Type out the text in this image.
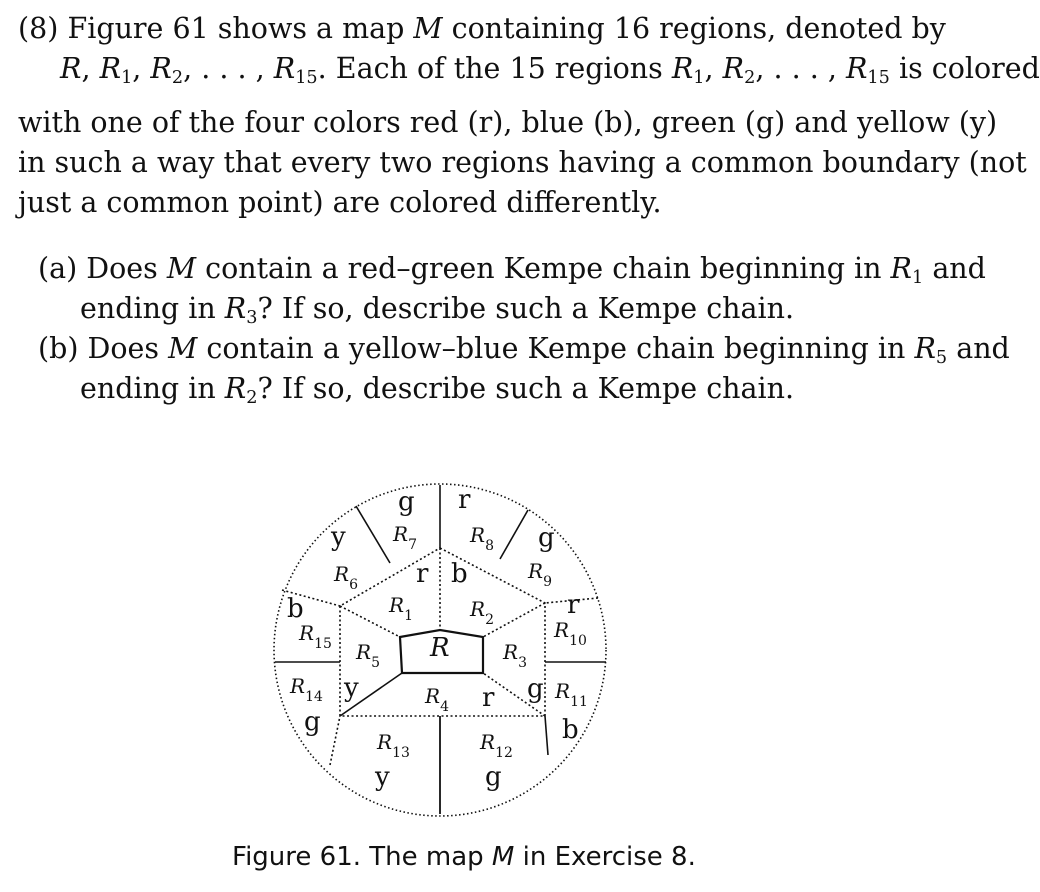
(8) Figure 61 shows a map M containing 16 regions, denoted by
R, $R_1$, $R_2$, . . . , $R_{15}$. Each of the 15 regions $R_1$, $R_2$, . . . , $R_{15}$ is colored
with one of the four colors red (r), blue (b), green (g) and yellow (y)
in such a way that every two regions having a common boundary (not
just a common point) are colored differently.
(a) Does M contain a red–green Kempe chain beginning in $R_1$ and
ending in $R_3$? If so, describe such a Kempe chain.
(b) Does M contain a yellow–blue Kempe chain beginning in $R_5$ and
ending in $R_2$? If so, describe such a Kempe chain.
R
$R_1$	$R_2$
$R_3$
$R_4$
$R_5$
$R_6$
$R_7$	$R_8$
$R_9$
$R_{10}$
$R_{11}$
$R_{12}$
$R_{13}$
$R_{14}$
$R_{15}$
r b
g
r
y
y
g r
g
r
b
g
y
g
b
Figure 61. The map M in Exercise 8.
